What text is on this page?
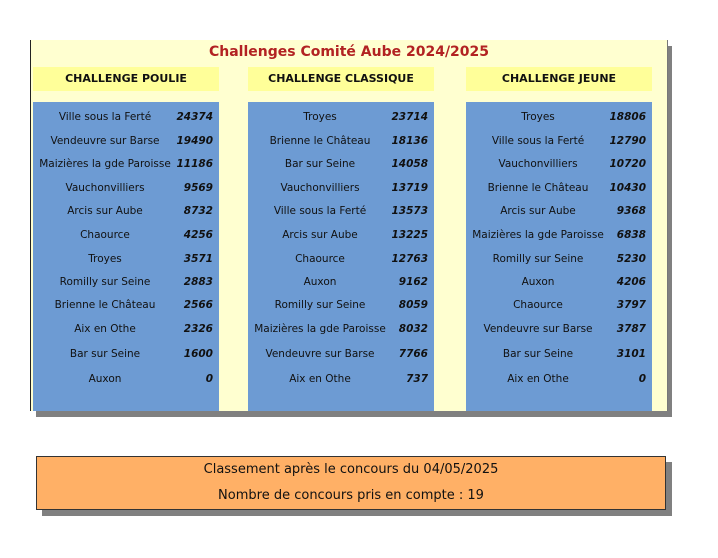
Challenges Comité Aube 2024/2025
CHALLENGE POULIE
Ville sous la Ferté	24374
Vendeuvre sur Barse	19490
Maizières la gde Paroisse 11186
Vauchonvilliers	9569
Arcis sur Aube	8732
Chaource	4256
Troyes	3571
Romilly sur Seine	2883
Brienne le Château	2566
Aix en Othe	2326
Bar sur Seine	1600
Auxon	0
CHALLENGE CLASSIQUE
Troyes	23714
Brienne le Château	18136
Bar sur Seine	14058
Vauchonvilliers	13719
Ville sous la Ferté	13573
Arcis sur Aube	13225
Chaource	12763
Auxon	9162
Romilly sur Seine	8059
Maizières la gde Paroisse	8032
Vendeuvre sur Barse	7766
Aix en Othe	737
CHALLENGE JEUNE
Troyes	18806
Ville sous la Ferté	12790
Vauchonvilliers	10720
Brienne le Château	10430
Arcis sur Aube	9368
Maizières la gde Paroisse	6838
Romilly sur Seine	5230
Auxon	4206
Chaource	3797
Vendeuvre sur Barse	3787
Bar sur Seine	3101
Aix en Othe	0
Classement après le concours du 04/05/2025
Nombre de concours pris en compte : 19
